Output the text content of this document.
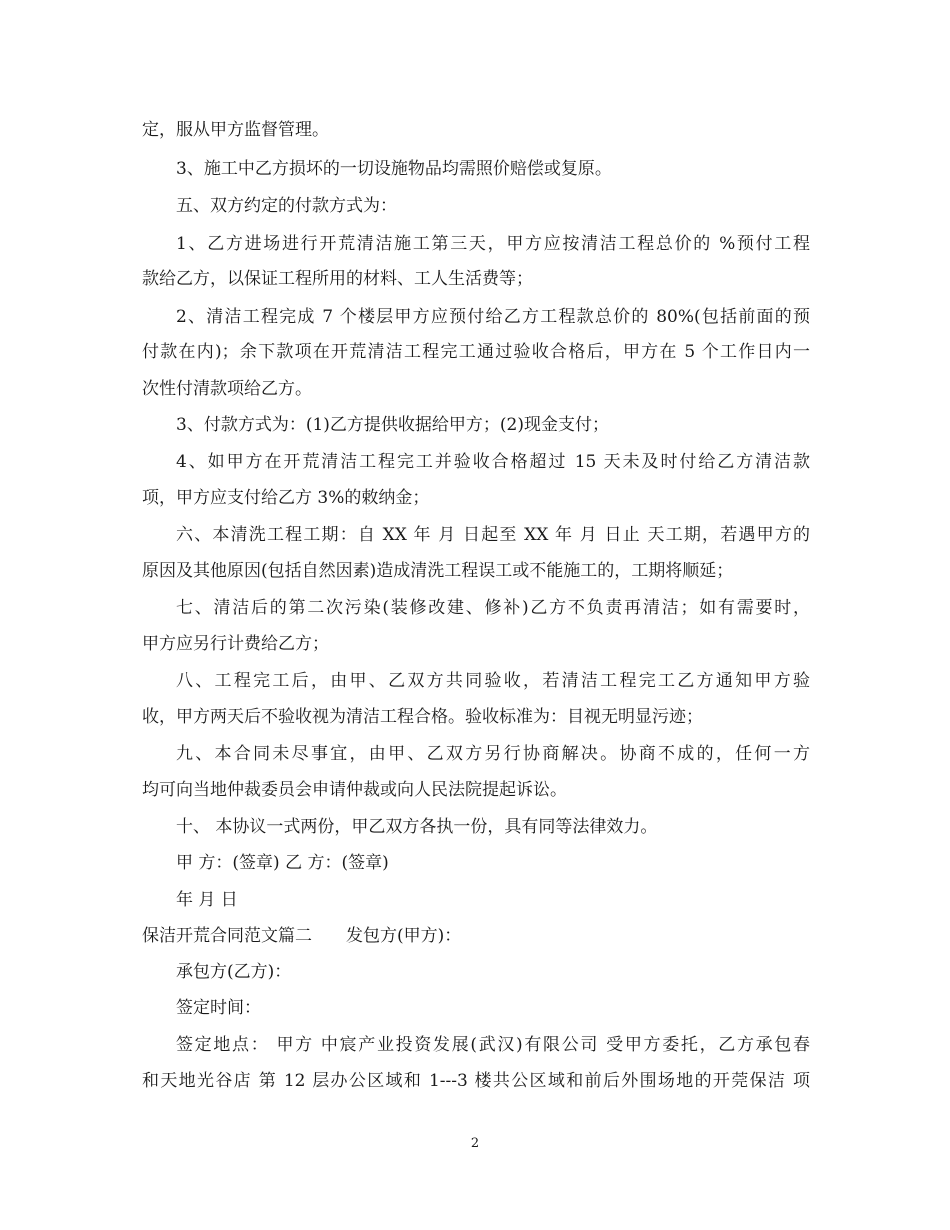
定，服从甲方监督管理。
3、施工中乙方损坏的一切设施物品均需照价赔偿或复原。
五、双方约定的付款方式为：
1、乙方进场进行开荒清洁施工第三天，甲方应按清洁工程总价的 %预付工程
款给乙方，以保证工程所用的材料、工人生活费等；
2、清洁工程完成 7 个楼层甲方应预付给乙方工程款总价的 80%(包括前面的预
付款在内)；余下款项在开荒清洁工程完工通过验收合格后，甲方在 5 个工作日内一
次性付清款项给乙方。
3、付款方式为：(1)乙方提供收据给甲方；(2)现金支付；
4、如甲方在开荒清洁工程完工并验收合格超过 15 天未及时付给乙方清洁款
项，甲方应支付给乙方 3%的敕纳金；
六、本清洗工程工期：自 XX 年 月 日起至 XX 年 月 日止 天工期，若遇甲方的
原因及其他原因(包括自然因素)造成清洗工程误工或不能施工的，工期将顺延；
七、清洁后的第二次污染(装修改建、修补)乙方不负责再清洁；如有需要时，
甲方应另行计费给乙方；
八、工程完工后，由甲、乙双方共同验收，若清洁工程完工乙方通知甲方验
收，甲方两天后不验收视为清洁工程合格。验收标准为：目视无明显污迹；
九、本合同未尽事宜，由甲、乙双方另行协商解决。协商不成的，任何一方
均可向当地仲裁委员会申请仲裁或向人民法院提起诉讼。
十、 本协议一式两份，甲乙双方各执一份，具有同等法律效力。
甲 方：(签章) 乙 方：(签章)
年 月 日
保洁开荒合同范文篇二　　发包方(甲方)：
承包方(乙方)：
签定时间：
签定地点： 甲方 中宸产业投资发展(武汉)有限公司 受甲方委托，乙方承包春
和天地光谷店 第 12 层办公区域和 1---3 楼共公区域和前后外围场地的开莞保洁 项
2
